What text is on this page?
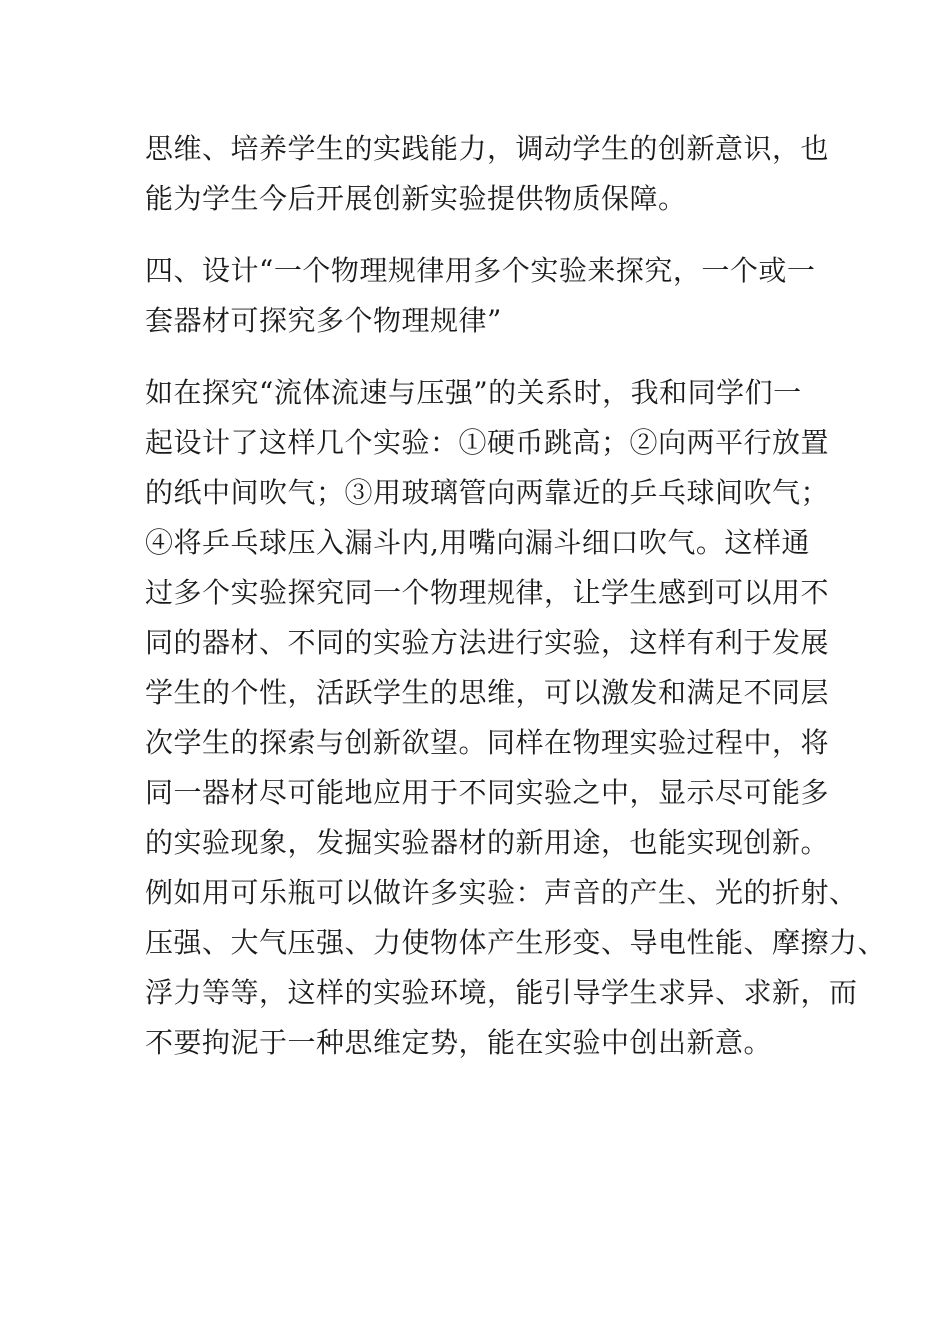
思维、培养学生的实践能力，调动学生的创新意识，也
能为学生今后开展创新实验提供物质保障。
四、设计“一个物理规律用多个实验来探究，一个或一
套器材可探究多个物理规律”
如在探究“流体流速与压强”的关系时，我和同学们一
起设计了这样几个实验：①硬币跳高；②向两平行放置
的纸中间吹气；③用玻璃管向两靠近的乒乓球间吹气；
④将乒乓球压入漏斗内,用嘴向漏斗细口吹气。这样通
过多个实验探究同一个物理规律，让学生感到可以用不
同的器材、不同的实验方法进行实验，这样有利于发展
学生的个性，活跃学生的思维，可以激发和满足不同层
次学生的探索与创新欲望。同样在物理实验过程中，将
同一器材尽可能地应用于不同实验之中，显示尽可能多
的实验现象，发掘实验器材的新用途，也能实现创新。
例如用可乐瓶可以做许多实验：声音的产生、光的折射、
压强、大气压强、力使物体产生形变、导电性能、摩擦力、
浮力等等，这样的实验环境，能引导学生求异、求新，而
不要拘泥于一种思维定势，能在实验中创出新意。
